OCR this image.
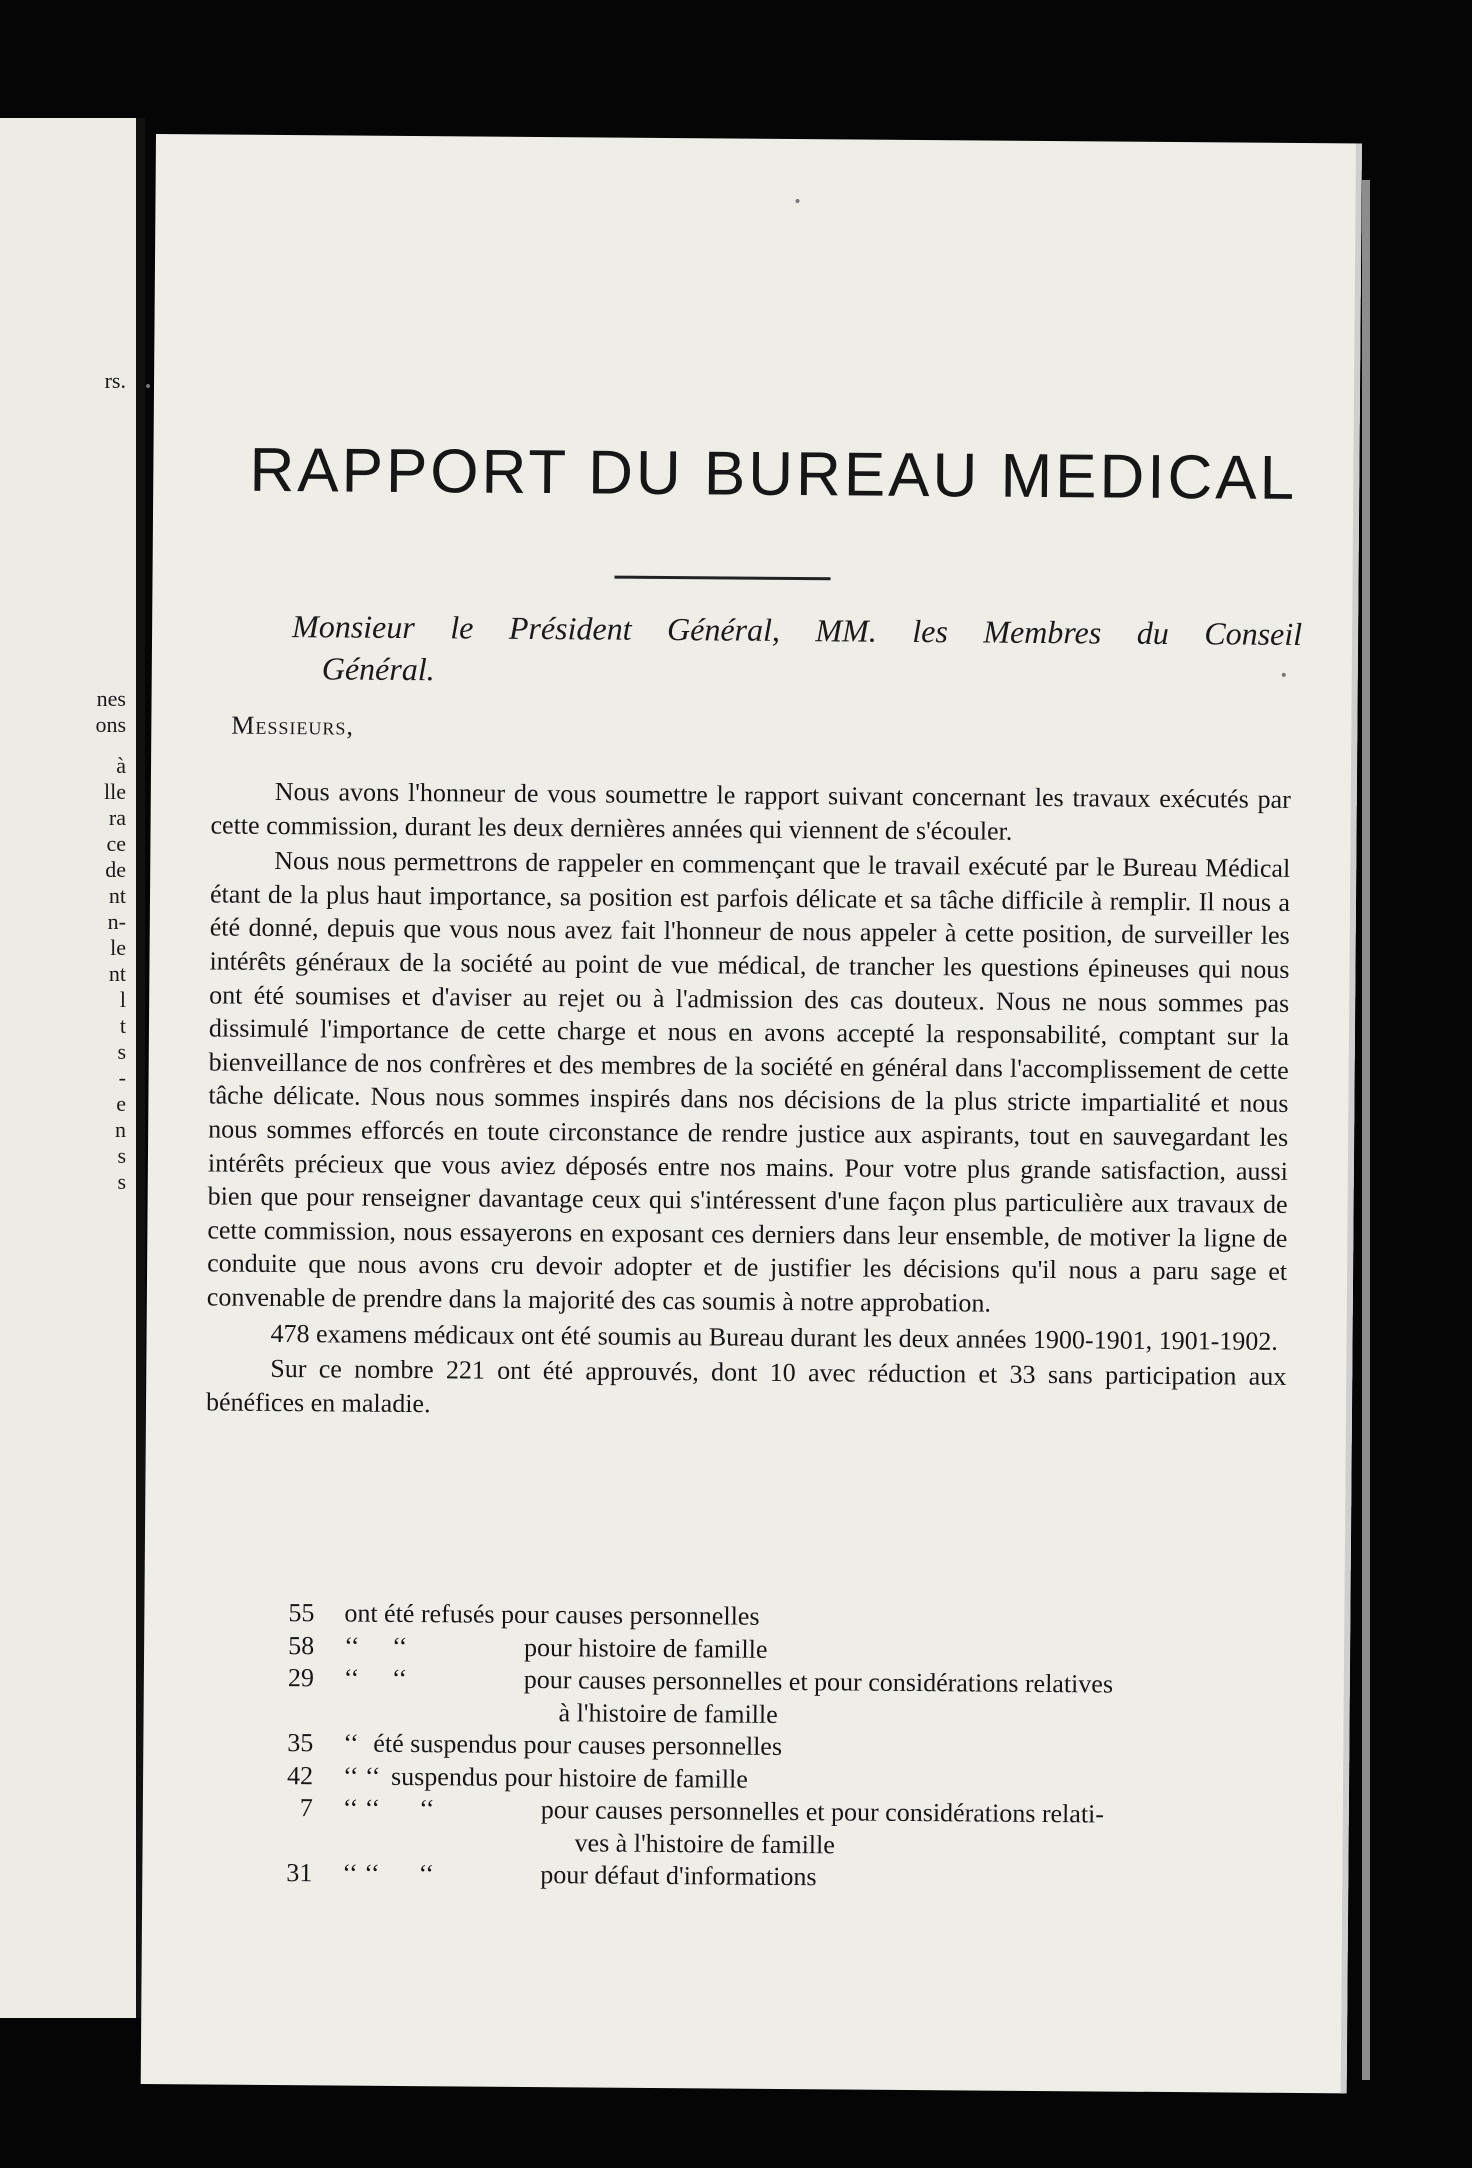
rs.
nes
ons
à
lle
ra
ce
de
nt
n-
le
nt
l
t
s
-
e
n
s
s
RAPPORT DU BUREAU MEDICAL
Monsieur le Président Général, MM. les Membres du Conseil
Général.
Messieurs,

Nous avons l'honneur de vous soumettre le rapport suivant concernant les travaux exécutés par cette commission, durant les deux dernières années qui viennent de s'écouler.

Nous nous permettrons de rappeler en commençant que le travail exécuté par le Bureau Médical étant de la plus haut importance, sa position est parfois délicate et sa tâche difficile à remplir. Il nous a été donné, depuis que vous nous avez fait l'honneur de nous appeler à cette position, de surveiller les intérêts généraux de la société au point de vue médical, de trancher les questions épineuses qui nous ont été soumises et d'aviser au rejet ou à l'admission des cas douteux. Nous ne nous sommes pas dissimulé l'importance de cette charge et nous en avons accepté la responsabilité, comptant sur la bienveillance de nos confrères et des membres de la société en général dans l'accomplissement de cette tâche délicate. Nous nous sommes inspirés dans nos décisions de la plus stricte impartialité et nous nous sommes efforcés en toute circonstance de rendre justice aux aspirants, tout en sauvegardant les intérêts précieux que vous aviez déposés entre nos mains. Pour votre plus grande satisfaction, aussi bien que pour renseigner davantage ceux qui s'intéressent d'une façon plus particulière aux travaux de cette commission, nous essayerons en exposant ces derniers dans leur ensemble, de motiver la ligne de conduite que nous avons cru devoir adopter et de justifier les décisions qu'il nous a paru sage et convenable de prendre dans la majorité des cas soumis à notre approbation.

478 examens médicaux ont été soumis au Bureau durant les deux années 1900-1901, 1901-1902.

Sur ce nombre 221 ont été approuvés, dont 10 avec réduction et 33 sans participation aux bénéfices en maladie.

55 ont été refusés pour causes personnelles
58 ‘‘     ‘‘	pour histoire de famille
29 ‘‘     ‘‘	pour causes personnelles et pour considérations relatives
à l'histoire de famille
35 ‘‘ été suspendus pour causes personnelles
42 ‘‘ ‘‘ suspendus pour histoire de famille
7 ‘‘ ‘‘      ‘‘	pour causes personnelles et pour considérations relati-
ves à l'histoire de famille
31 ‘‘ ‘‘      ‘‘	pour défaut d'informations
